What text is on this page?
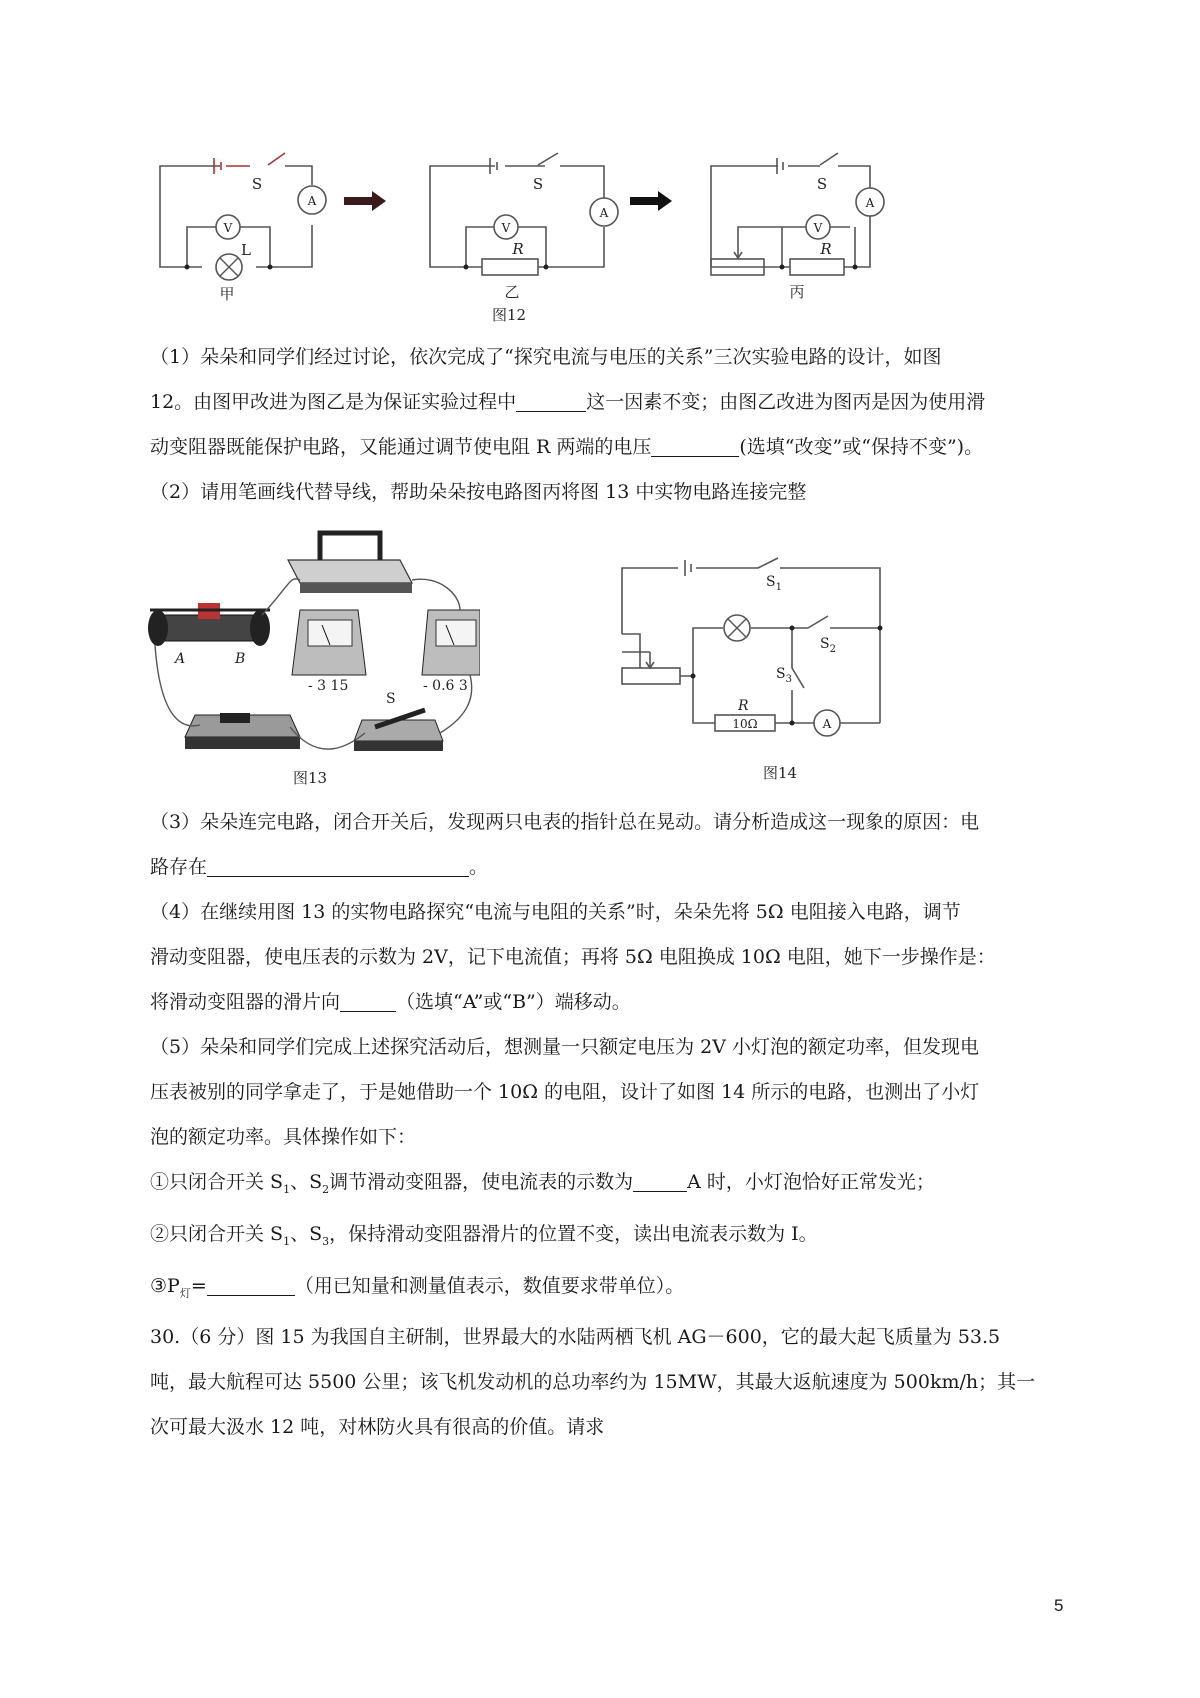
S
A
V
L
甲
S
A
V
R
乙
图12
S
A
V
R
丙
（1）朵朵和同学们经过讨论，依次完成了“探究电流与电压的关系”三次实验电路的设计，如图
12。由图甲改进为图乙是为保证实验过程中	这一因素不变；由图乙改进为图丙是因为使用滑
动变阻器既能保护电路，又能通过调节使电阻 R 两端的电压	(选填“改变”或“保持不变”)。
（2）请用笔画线代替导线，帮助朵朵按电路图丙将图 13 中实物电路连接完整
A	B
- 3 15	- 0.6 3
S
图13
$S_1$
$S_2$
$S_3$
R
10Ω	A
图14
（3）朵朵连完电路，闭合开关后，发现两只电表的指针总在晃动。请分析造成这一现象的原因：电
路存在	。
（4）在继续用图 13 的实物电路探究“电流与电阻的关系”时，朵朵先将 5Ω 电阻接入电路，调节
滑动变阻器，使电压表的示数为 2V，记下电流值；再将 5Ω 电阻换成 10Ω 电阻，她下一步操作是：
将滑动变阻器的滑片向	（选填“A”或“B”）端移动。
（5）朵朵和同学们完成上述探究活动后，想测量一只额定电压为 2V 小灯泡的额定功率，但发现电
压表被别的同学拿走了，于是她借助一个 10Ω 的电阻，设计了如图 14 所示的电路，也测出了小灯
泡的额定功率。具体操作如下：
①只闭合开关 $S_1$、$S_2$调节滑动变阻器，使电流表的示数为	A 时，小灯泡恰好正常发光；
②只闭合开关 $S_1$、$S_3$，保持滑动变阻器滑片的位置不变，读出电流表示数为 I。
$③P_灯=$	（用已知量和测量值表示，数值要求带单位）。
30.（6 分）图 15 为我国自主研制，世界最大的水陆两栖飞机 AG－600，它的最大起飞质量为 53.5
吨，最大航程可达 5500 公里；该飞机发动机的总功率约为 15MW，其最大返航速度为 500km/h；其一
次可最大汲水 12 吨，对林防火具有很高的价值。请求
5
